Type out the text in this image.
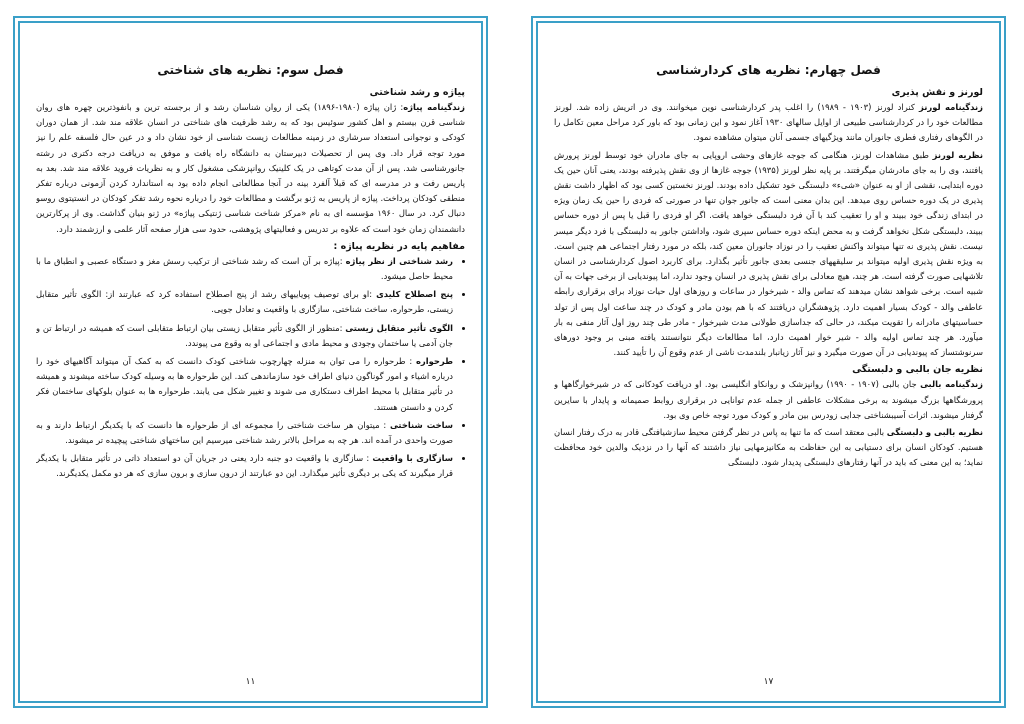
فصل سوم: نظریه های شناختی
پیاژه و رشد شناختی

زندگینامه پیاژه: ژان پیاژه (۱۹۸۰-۱۸۹۶) یکی از روان شناسان رشد و از برجسته ترین و بانفوذترین چهره های روان شناسی قرن بیستم و اهل کشور سوئیس بود که به رشد ظرفیت های شناختی در انسان علاقه مند شد. از همان دوران کودکی و نوجوانی استعداد سرشاری در زمینه مطالعات زیست شناسی از خود نشان داد و در عین حال فلسفه علم را نیز مورد توجه قرار داد. وی پس از تحصیلات دبیرستان به دانشگاه راه یافت و موفق به دریافت درجه دکتری در رشته جانورشناسی شد. پس از آن مدت کوتاهی در یک کلینیک روانپزشکی مشغول کار و به نظریات فروید علاقه مند شد. بعد به پاریس رفت و در مدرسه ای که قبلاً آلفرد بینه در آنجا مطالعاتی انجام داده بود به استاندارد کردن آزمونی درباره تفکر منطقی کودکان پرداخت. پیاژه از پاریس به ژنو برگشت و مطالعات خود را درباره نحوه رشد تفکر کودکان در انستیتوی روسو دنبال کرد. در سال ۱۹۶۰ مؤسسه ای به نام «مرکز شناخت شناسی ژنتیکی پیاژه» در ژنو بنیان گذاشت. وی از پرکارترین دانشمندان زمان خود است که علاوه بر تدریس و فعالیتهای پژوهشی، حدود سی هزار صفحه آثار علمی و ارزشمند دارد.

مفاهیم پایه در نظریه پیاژه :
• رشد شناختی از نظر پیاژه :پیاژه بر آن است که رشد شناختی از ترکیب رسش مغز و دستگاه عصبی و انطباق ما با محیط حاصل میشود.
• پنج اصطلاح کلیدی :او برای توصیف پویاییهای رشد از پنج اصطلاح استفاده کرد که عبارتند از: الگوی تأثیر متقابل زیستی، طرحواره، ساخت شناختی، سازگاری با واقعیت و تعادل جویی.
• الگوی تأثیر متقابل زیستی :منظور از الگوی تأثیر متقابل زیستی بیان ارتباط متقابلی است که همیشه در ارتباط تن و جان آدمی یا ساختمان وجودی و محیط مادی و اجتماعی او به وقوع می پیوندد.
• طرحواره : طرحواره را می توان به منزله چهارچوب شناختی کودک دانست که به کمک آن میتواند آگاهیهای خود را درباره اشیاء و امور گوناگون دنیای اطراف خود سازماندهی کند. این طرحواره ها به وسیله کودک ساخته میشوند و همیشه در تأثیر متقابل با محیط اطراف دستکاری می شوند و تغییر شکل می یابند. طرحواره ها به عنوان بلوکهای ساختمان فکر کردن و دانستن هستند.
• ساخت شناختی : میتوان هر ساخت شناختی را مجموعه ای از طرحواره ها دانست که با یکدیگر ارتباط دارند و به صورت واحدی در آمده اند. هر چه به مراحل بالاتر رشد شناختی میرسیم این ساختهای شناختی پیچیده تر میشوند.
• سازگاری با واقعیت : سازگاری با واقعیت دو جنبه دارد یعنی در جریان آن دو استعداد ذاتی در تأثیر متقابل با یکدیگر قرار میگیرند که یکی بر دیگری تأثیر میگذارد. این دو عبارتند از درون سازی و برون سازی که هر دو مکمل یکدیگرند.
۱۱
فصل چهارم: نظریه های کردارشناسی
لورنز و نقش پذیری

زندگینامه لورنز کنراد لورنز (۱۹۰۳ - ۱۹۸۹) را اغلب پدر کردارشناسی نوین میخوانند. وی در اتریش زاده شد. لورنز مطالعات خود را در کردارشناسی طبیعی از اوایل سالهای ۱۹۳۰ آغاز نمود و این زمانی بود که باور کرد مراحل معین تکامل را در الگوهای رفتاری فطری جانوران مانند ویژگیهای جسمی آنان میتوان مشاهده نمود.

نظریه لورنز طبق مشاهدات لورنز، هنگامی که جوجه غازهای وحشی اروپایی به جای مادران خود توسط لورنز پرورش یافتند، وی را به جای مادرشان میگرفتند. بر پایه نظر لورنز (۱۹۳۵) جوجه غازها از وی نقش پذیرفته بودند، یعنی آنان حین یک دوره ابتدایی، نقشی از او به عنوان «شیء» دلبستگی خود تشکیل داده بودند. لورنز نخستین کسی بود که اظهار داشت نقش پذیری در یک دوره حساس روی میدهد. این بدان معنی است که جانور جوان تنها در صورتی که فردی را حین یک زمان ویژه در ابتدای زندگی خود ببیند و او را تعقیب کند با آن فرد دلبستگی خواهد یافت. اگر او فردی را قبل یا پس از دوره حساس ببیند، دلبستگی شکل نخواهد گرفت و به محض اینکه دوره حساس سپری شود، واداشتن جانور به دلبستگی با فرد دیگر میسر نیست. نقش پذیری نه تنها میتواند واکنش تعقیب را در نوزاد جانوران معین کند، بلکه در مورد رفتار اجتماعی هم چنین است. به ویژه نقش پذیری اولیه میتواند بر سلیقههای جنسی بعدی جانور تأثیر بگذارد. برای کاربرد اصول کردارشناسی در انسان تلاشهایی صورت گرفته است. هر چند، هیچ معادلی برای نقش پذیری در انسان وجود ندارد، اما پیوندیابی از برخی جهات به آن شبیه است. برخی شواهد نشان میدهند که تماس والد - شیرخوار در ساعات و روزهای اول حیات نوزاد برای برقراری رابطه عاطفی والد - کودک بسیار اهمیت دارد. پژوهشگران دریافتند که با هم بودن مادر و کودک در چند ساعت اول پس از تولد حساسیتهای مادرانه را تقویت میکند، در حالی که جداسازی طولانی مدت شیرخوار - مادر طی چند روز اول آثار منفی به بار میآورد. هر چند تماس اولیه والد - شیر خوار اهمیت دارد، اما مطالعات دیگر نتوانستند یافته مبنی بر وجود دورهای سرنوشتساز که پیوندیابی در آن صورت میگیرد و نیز آثار زیانبار بلندمدت ناشی از عدم وقوع آن را تأیید کنند.

نظریه جان بالبی و دلبستگی

زندگینامه بالبی جان بالبی (۱۹۰۷ - ۱۹۹۰) روانپزشک و روانکاو انگلیسی بود. او دریافت کودکانی که در شیرخوارگاهها و پرورشگاهها بزرگ میشوند به برخی مشکلات عاطفی از جمله عدم توانایی در برقراری روابط صمیمانه و پایدار با سایرین گرفتار میشوند. اثرات آسیبشناختی جدایی زودرس بین مادر و کودک مورد توجه خاص وی بود.

نظریه بالبی و دلبستگی بالبی معتقد است که ما تنها به پاس در نظر گرفتن محیط سازشیافتگی قادر به درک رفتار انسان هستیم. کودکان انسان برای دستیابی به این حفاظت به مکانیزمهایی نیاز داشتند که آنها را در نزدیک والدین خود محافظت نماید؛ به این معنی که باید در آنها رفتارهای دلبستگی پدیدار شود. دلبستگی

۱۷
